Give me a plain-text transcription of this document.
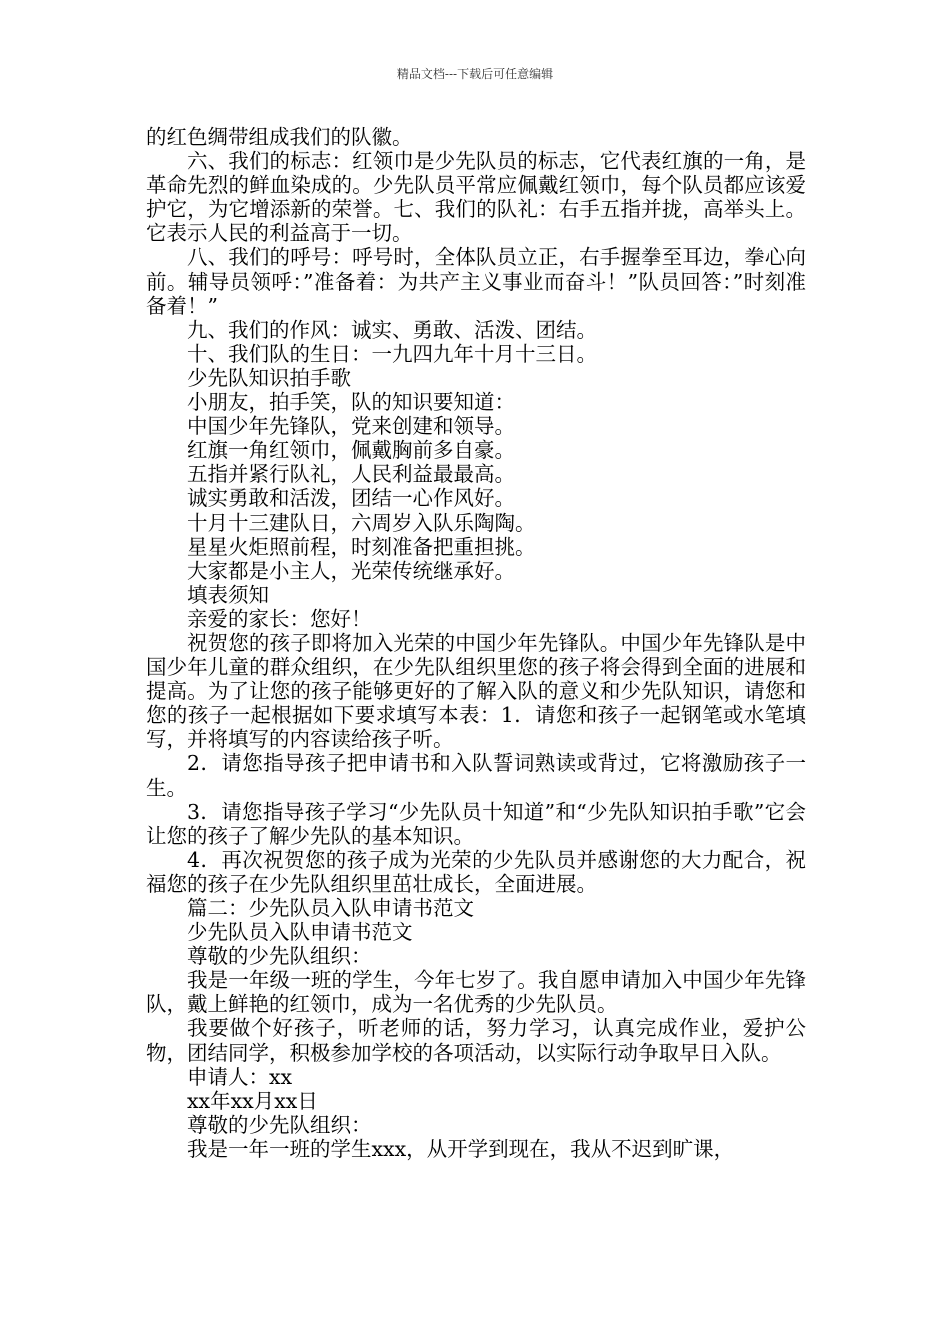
精品文档---下载后可任意编辑

的红色绸带组成我们的队徽。

六、我们的标志：红领巾是少先队员的标志，它代表红旗的一角，是革命先烈的鲜血染成的。少先队员平常应佩戴红领巾，每个队员都应该爱护它，为它增添新的荣誉。七、我们的队礼：右手五指并拢，高举头上。它表示人民的利益高于一切。

八、我们的呼号：呼号时，全体队员立正，右手握拳至耳边，拳心向前。辅导员领呼：”准备着：为共产主义事业而奋斗！”队员回答：”时刻准备着！”

九、我们的作风：诚实、勇敢、活泼、团结。

十、我们队的生日：一九四九年十月十三日。

少先队知识拍手歌

小朋友，拍手笑，队的知识要知道：

中国少年先锋队，党来创建和领导。

红旗一角红领巾，佩戴胸前多自豪。

五指并紧行队礼，人民利益最最高。

诚实勇敢和活泼，团结一心作风好。

十月十三建队日，六周岁入队乐陶陶。

星星火炬照前程，时刻准备把重担挑。

大家都是小主人，光荣传统继承好。

填表须知

亲爱的家长：您好！

祝贺您的孩子即将加入光荣的中国少年先锋队。中国少年先锋队是中国少年儿童的群众组织，在少先队组织里您的孩子将会得到全面的进展和提高。为了让您的孩子能够更好的了解入队的意义和少先队知识，请您和您的孩子一起根据如下要求填写本表：1．请您和孩子一起钢笔或水笔填写，并将填写的内容读给孩子听。

2．请您指导孩子把申请书和入队誓词熟读或背过，它将激励孩子一生。

3．请您指导孩子学习“少先队员十知道”和“少先队知识拍手歌”它会让您的孩子了解少先队的基本知识。

4．再次祝贺您的孩子成为光荣的少先队员并感谢您的大力配合，祝福您的孩子在少先队组织里茁壮成长，全面进展。

篇二：少先队员入队申请书范文

少先队员入队申请书范文

尊敬的少先队组织：

我是一年级一班的学生，今年七岁了。我自愿申请加入中国少年先锋队，戴上鲜艳的红领巾，成为一名优秀的少先队员。

我要做个好孩子，听老师的话，努力学习，认真完成作业，爱护公物，团结同学，积极参加学校的各项活动，以实际行动争取早日入队。

申请人：xx

xx年xx月xx日

尊敬的少先队组织：

我是一年一班的学生xxx，从开学到现在，我从不迟到旷课，
